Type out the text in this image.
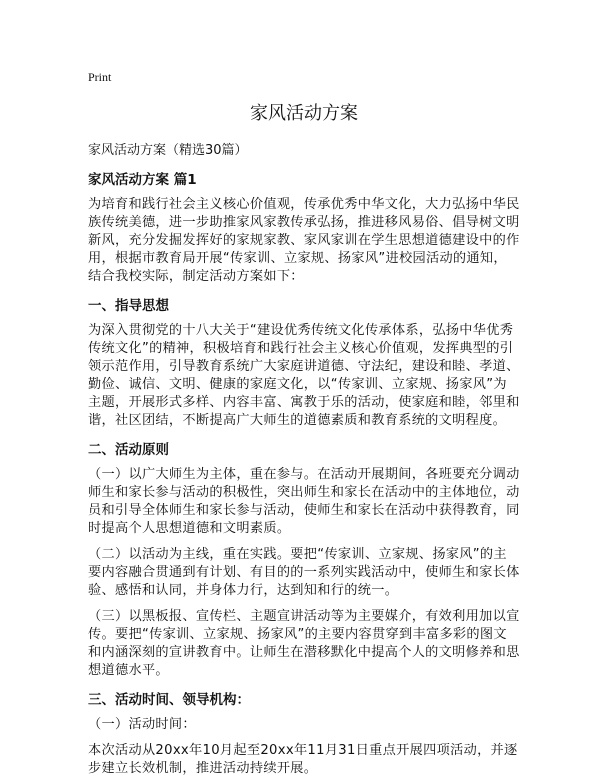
Print
家风活动方案
家风活动方案（精选30篇）
家风活动方案 篇1

为培育和践行社会主义核心价值观，传承优秀中华文化，大力弘扬中华民族传统美德，进一步助推家风家教传承弘扬，推进移风易俗、倡导树文明新风，充分发掘发挥好的家规家教、家风家训在学生思想道德建设中的作用，根据市教育局开展“传家训、立家规、扬家风”进校园活动的通知，结合我校实际，制定活动方案如下：

一、指导思想

为深入贯彻党的十八大关于“建设优秀传统文化传承体系，弘扬中华优秀传统文化”的精神，积极培育和践行社会主义核心价值观，发挥典型的引领示范作用，引导教育系统广大家庭讲道德、守法纪，建设和睦、孝道、勤俭、诚信、文明、健康的家庭文化，以“传家训、立家规、扬家风”为主题，开展形式多样、内容丰富、寓教于乐的活动，使家庭和睦，邻里和谐，社区团结，不断提高广大师生的道德素质和教育系统的文明程度。

二、活动原则

（一）以广大师生为主体，重在参与。在活动开展期间，各班要充分调动师生和家长参与活动的积极性，突出师生和家长在活动中的主体地位，动员和引导全体师生和家长参与活动，使师生和家长在活动中获得教育，同时提高个人思想道德和文明素质。

（二）以活动为主线，重在实践。要把“传家训、立家规、扬家风”的主要内容融合贯通到有计划、有目的的一系列实践活动中，使师生和家长体验、感悟和认同，并身体力行，达到知和行的统一。

（三）以黑板报、宣传栏、主题宣讲活动等为主要媒介，有效利用加以宣传。要把“传家训、立家规、扬家风”的主要内容贯穿到丰富多彩的图文和内涵深刻的宣讲教育中。让师生在潜移默化中提高个人的文明修养和思想道德水平。

三、活动时间、领导机构：

（一）活动时间：

本次活动从20xx年10月起至20xx年11月31日重点开展四项活动，并逐步建立长效机制，推进活动持续开展。
